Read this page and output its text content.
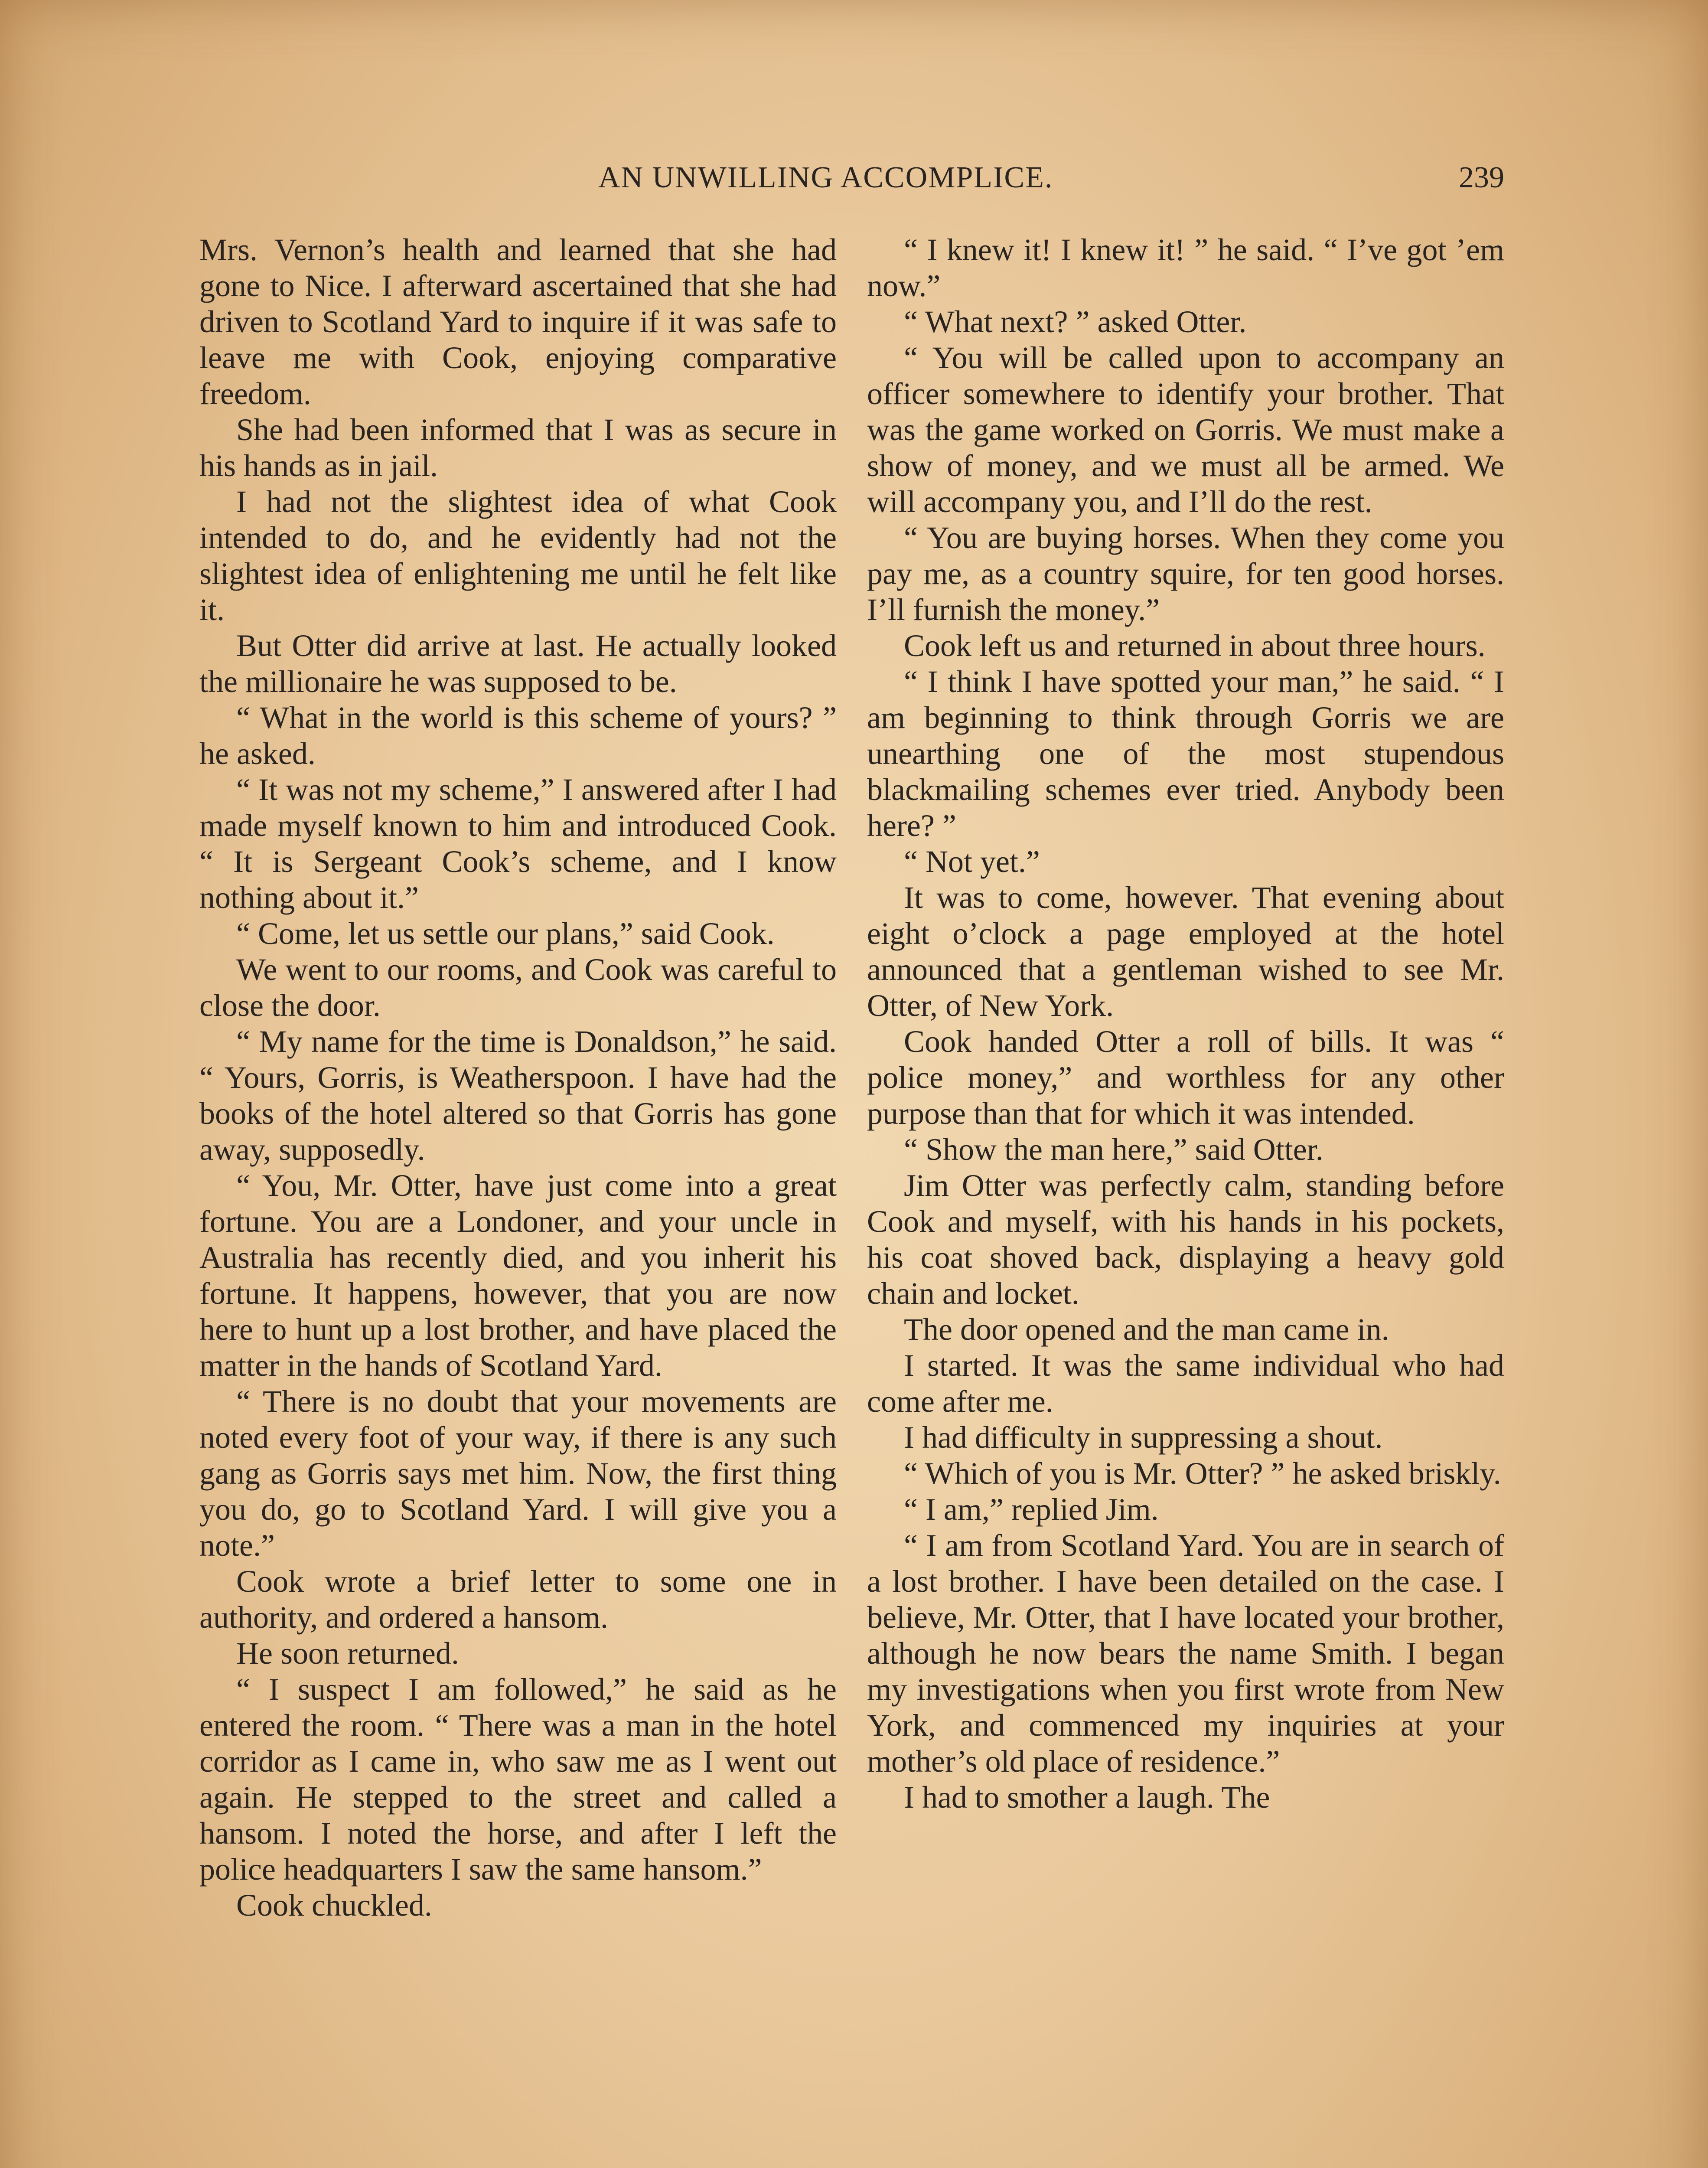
AN UNWILLING ACCOMPLICE.	239

Mrs. Vernon’s health and learned that she had gone to Nice. I afterward ascertained that she had driven to Scotland Yard to inquire if it was safe to leave me with Cook, enjoying comparative freedom.

She had been informed that I was as secure in his hands as in jail.

I had not the slightest idea of what Cook intended to do, and he evidently had not the slightest idea of enlightening me until he felt like it.

But Otter did arrive at last. He actually looked the millionaire he was supposed to be.

“ What in the world is this scheme of yours? ” he asked.

“ It was not my scheme,” I answered after I had made myself known to him and introduced Cook. “ It is Sergeant Cook’s scheme, and I know nothing about it.”

“ Come, let us settle our plans,” said Cook.

We went to our rooms, and Cook was careful to close the door.

“ My name for the time is Donaldson,” he said. “ Yours, Gorris, is Weatherspoon. I have had the books of the hotel altered so that Gorris has gone away, supposedly.

“ You, Mr. Otter, have just come into a great fortune. You are a Londoner, and your uncle in Australia has recently died, and you inherit his fortune. It happens, however, that you are now here to hunt up a lost brother, and have placed the matter in the hands of Scotland Yard.

“ There is no doubt that your movements are noted every foot of your way, if there is any such gang as Gorris says met him. Now, the first thing you do, go to Scotland Yard. I will give you a note.”

Cook wrote a brief letter to some one in authority, and ordered a hansom.

He soon returned.

“ I suspect I am followed,” he said as he entered the room. “ There was a man in the hotel corridor as I came in, who saw me as I went out again. He stepped to the street and called a hansom. I noted the horse, and after I left the police headquarters I saw the same hansom.”

Cook chuckled.

“ I knew it! I knew it! ” he said. “ I’ve got ’em now.”

“ What next? ” asked Otter.

“ You will be called upon to accompany an officer somewhere to identify your brother. That was the game worked on Gorris. We must make a show of money, and we must all be armed. We will accompany you, and I’ll do the rest.

“ You are buying horses. When they come you pay me, as a country squire, for ten good horses. I’ll furnish the money.”

Cook left us and returned in about three hours.

“ I think I have spotted your man,” he said. “ I am beginning to think through Gorris we are unearthing one of the most stupendous blackmailing schemes ever tried. Anybody been here? ”

“ Not yet.”

It was to come, however. That evening about eight o’clock a page employed at the hotel announced that a gentleman wished to see Mr. Otter, of New York.

Cook handed Otter a roll of bills. It was “ police money,” and worthless for any other purpose than that for which it was intended.

“ Show the man here,” said Otter.

Jim Otter was perfectly calm, standing before Cook and myself, with his hands in his pockets, his coat shoved back, displaying a heavy gold chain and locket.

The door opened and the man came in.

I started. It was the same individual who had come after me.

I had difficulty in suppressing a shout.

“ Which of you is Mr. Otter? ” he asked briskly.

“ I am,” replied Jim.

“ I am from Scotland Yard. You are in search of a lost brother. I have been detailed on the case. I believe, Mr. Otter, that I have located your brother, although he now bears the name Smith. I began my investigations when you first wrote from New York, and commenced my inquiries at your mother’s old place of residence.”

I had to smother a laugh. The
